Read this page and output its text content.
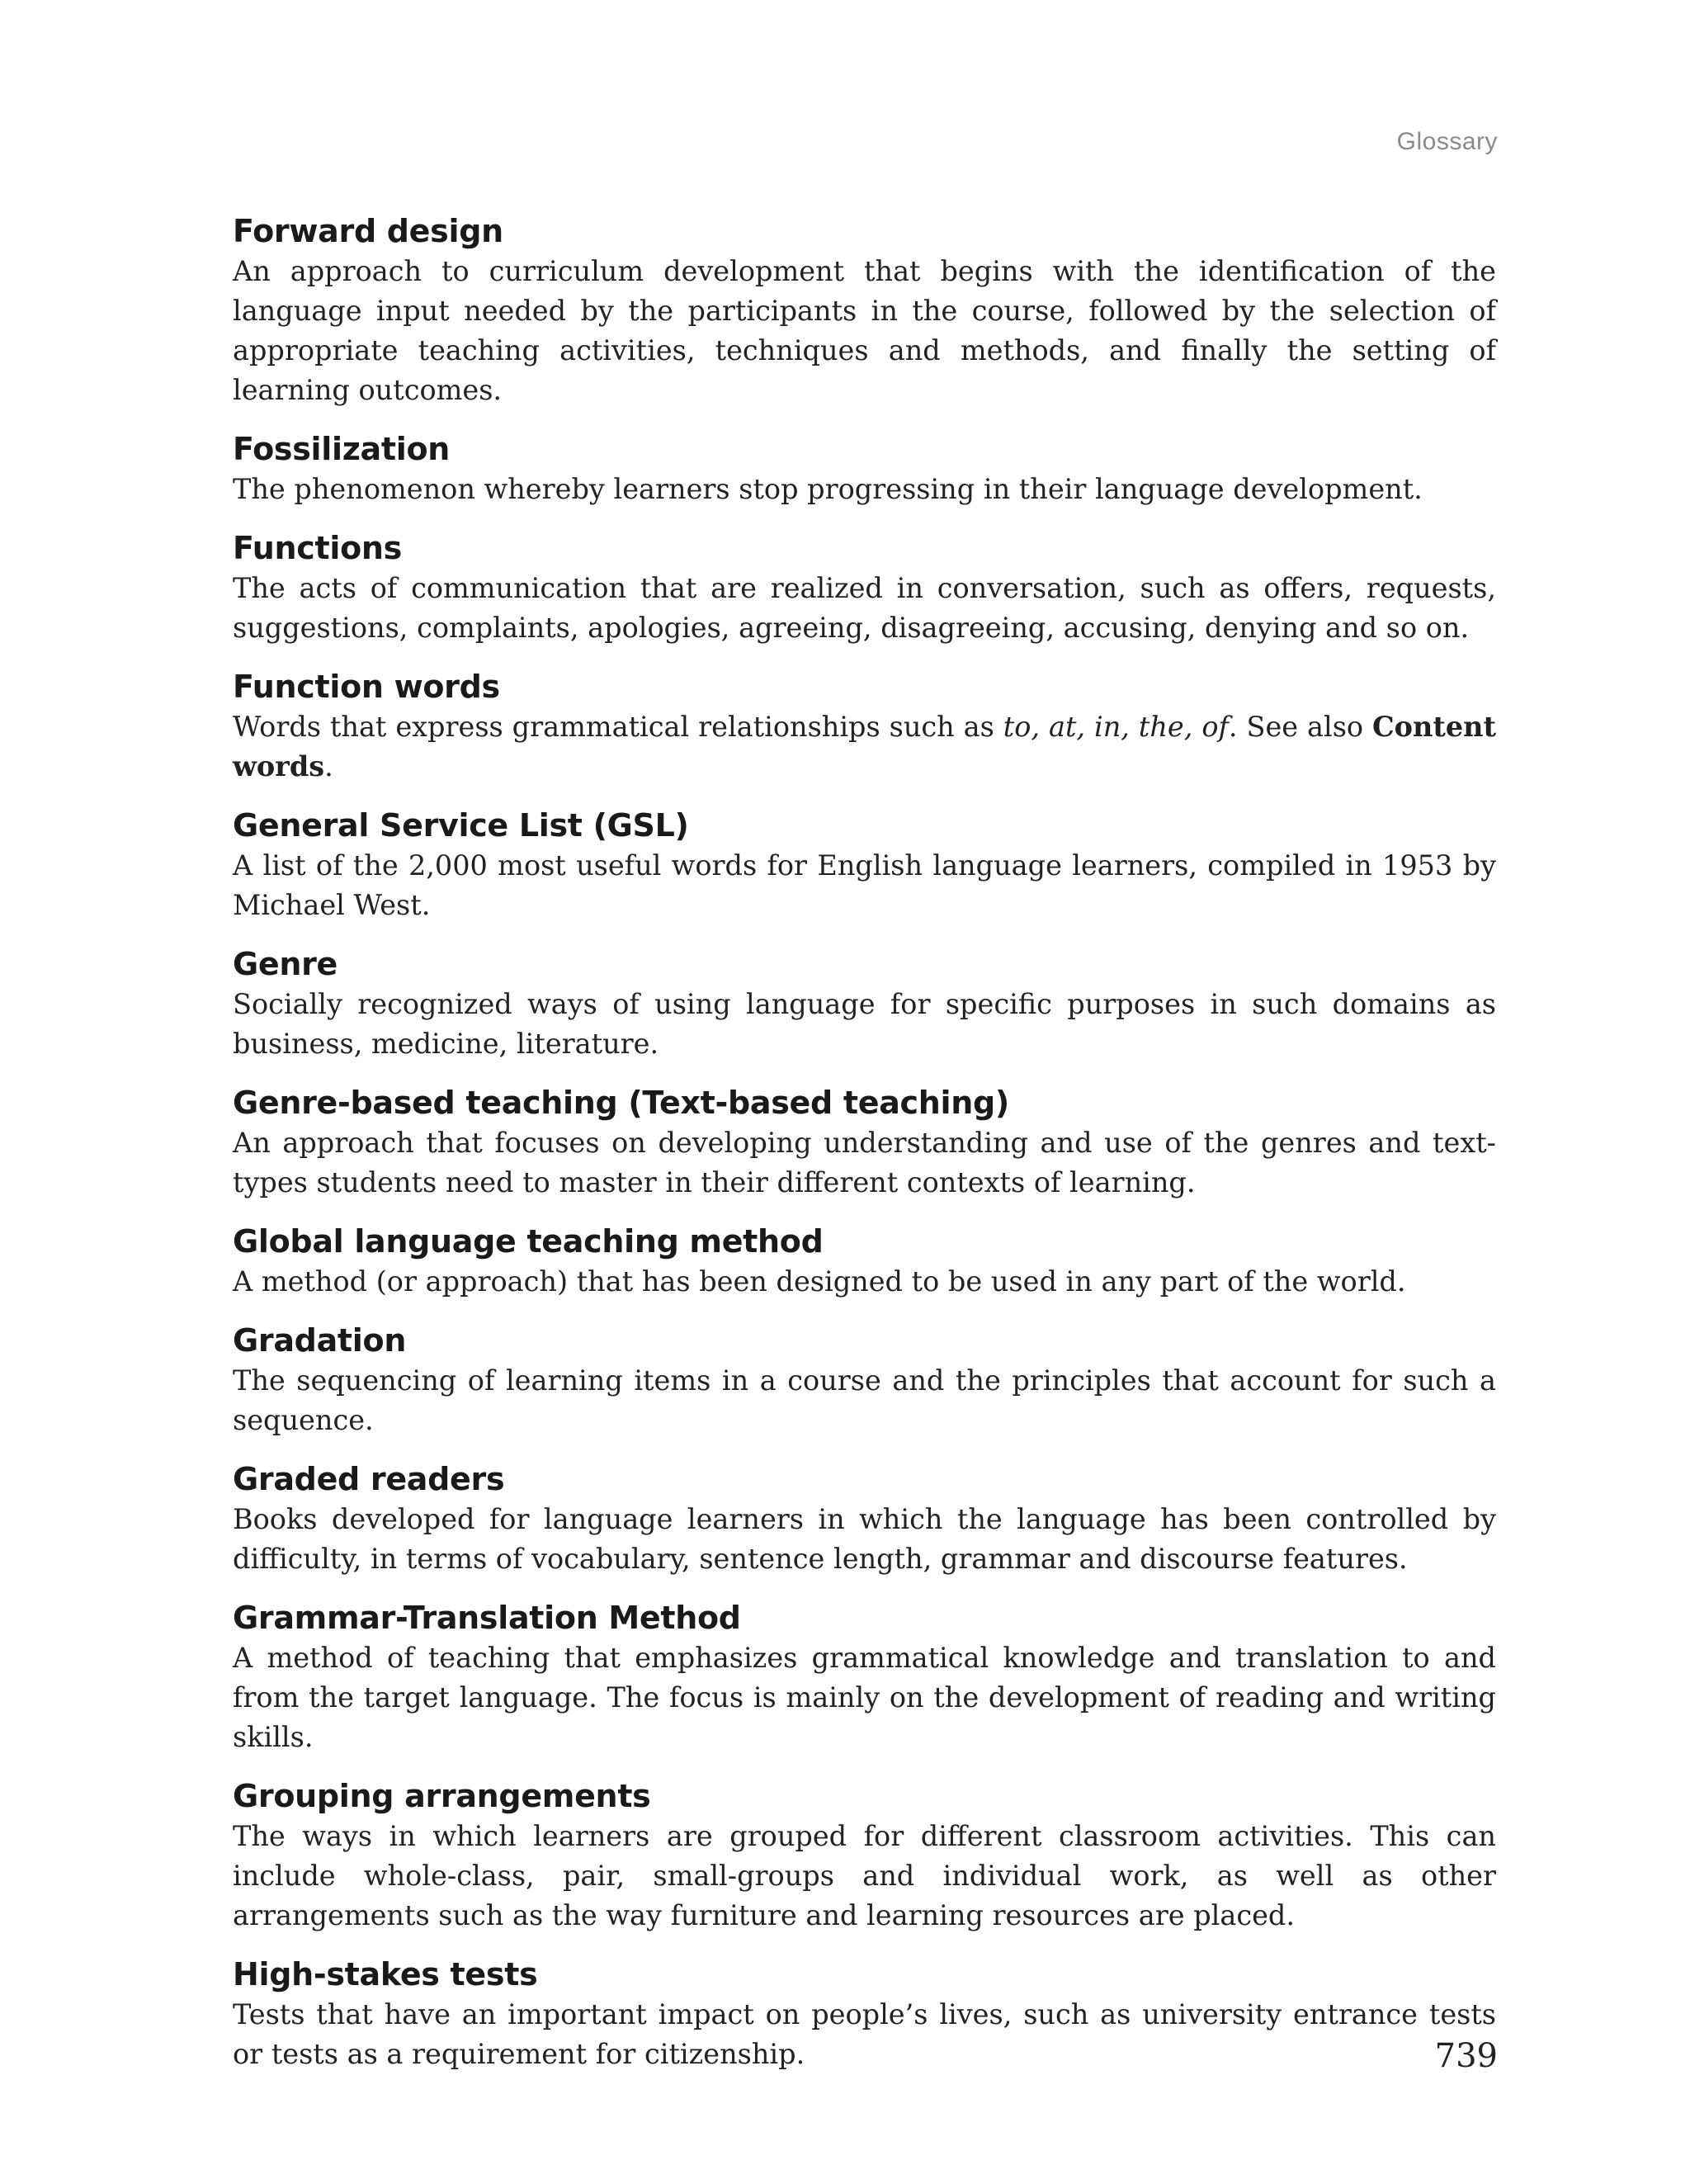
Glossary
Forward design
An approach to curriculum development that begins with the identification of the language input needed by the participants in the course, followed by the selection of appropriate teaching activities, techniques and methods, and finally the setting of learning outcomes.
Fossilization
The phenomenon whereby learners stop progressing in their language development.
Functions
The acts of communication that are realized in conversation, such as offers, requests, suggestions, complaints, apologies, agreeing, disagreeing, accusing, denying and so on.
Function words
Words that express grammatical relationships such as to, at, in, the, of. See also Content words.
General Service List (GSL)
A list of the 2,000 most useful words for English language learners, compiled in 1953 by Michael West.
Genre
Socially recognized ways of using language for specific purposes in such domains as business, medicine, literature.
Genre-based teaching (Text-based teaching)
An approach that focuses on developing understanding and use of the genres and text-types students need to master in their different contexts of learning.
Global language teaching method
A method (or approach) that has been designed to be used in any part of the world.
Gradation
The sequencing of learning items in a course and the principles that account for such a sequence.
Graded readers
Books developed for language learners in which the language has been controlled by difficulty, in terms of vocabulary, sentence length, grammar and discourse features.
Grammar-Translation Method
A method of teaching that emphasizes grammatical knowledge and translation to and from the target language. The focus is mainly on the development of reading and writing skills.
Grouping arrangements
The ways in which learners are grouped for different classroom activities. This can include whole-class, pair, small-groups and individual work, as well as other arrangements such as the way furniture and learning resources are placed.
High-stakes tests
Tests that have an important impact on people’s lives, such as university entrance tests or tests as a requirement for citizenship.	739
